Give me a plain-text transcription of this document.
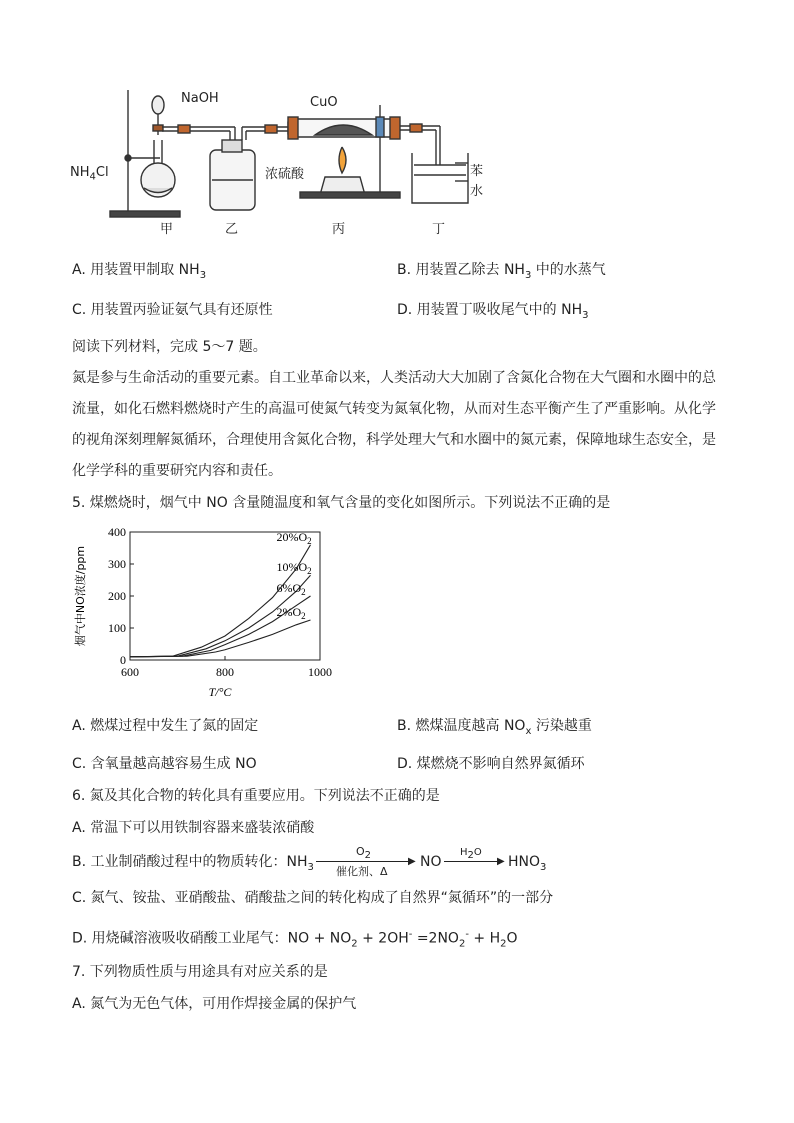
NaOH
$NH_4Cl$
CuO
浓硫酸	苯
水
甲	乙	丙	丁
A. 用装置甲制取 $NH_3$	B. 用装置乙除去 $NH_3$ 中的水蒸气
C. 用装置丙验证氨气具有还原性	D. 用装置丁吸收尾气中的 $NH_3$
阅读下列材料，完成 5～7 题。
氮是参与生命活动的重要元素。自工业革命以来，人类活动大大加剧了含氮化合物在大气圈和水圈中的总流量，如化石燃料燃烧时产生的高温可使氮气转变为氮氧化物，从而对生态平衡产生了严重影响。从化学的视角深刻理解氮循环，合理使用含氮化合物，科学处理大气和水圈中的氮元素，保障地球生态安全，是化学学科的重要研究内容和责任。
5. 煤燃烧时，烟气中 NO 含量随温度和氧气含量的变化如图所示。下列说法不正确的是
0
100
200
300
400
600	800	1000
T/°C
烟气中NO浓度/ppm
$20\%O_2$
$10\%O_2$
$6\%O_2$
$2\%O_2$
A. 燃煤过程中发生了氮的固定	B. 燃煤温度越高 $NO_x$ 污染越重
C. 含氧量越高越容易生成 NO	D. 煤燃烧不影响自然界氮循环
6. 氮及其化合物的转化具有重要应用。下列说法不正确的是
A. 常温下可以用铁制容器来盛装浓硝酸
B. 工业制硝酸过程中的物质转化：$NH_3$
$O_2$
▶
催化剂、Δ
NO
$H_2O$
▶ $HNO_3$
C. 氮气、铵盐、亚硝酸盐、硝酸盐之间的转化构成了自然界“氮循环”的一部分
D. 用烧碱溶液吸收硝酸工业尾气：NO + $NO_2 + 2OH^- =2NO_2^- + H_2O$
7. 下列物质性质与用途具有对应关系的是
A. 氮气为无色气体，可用作焊接金属的保护气
